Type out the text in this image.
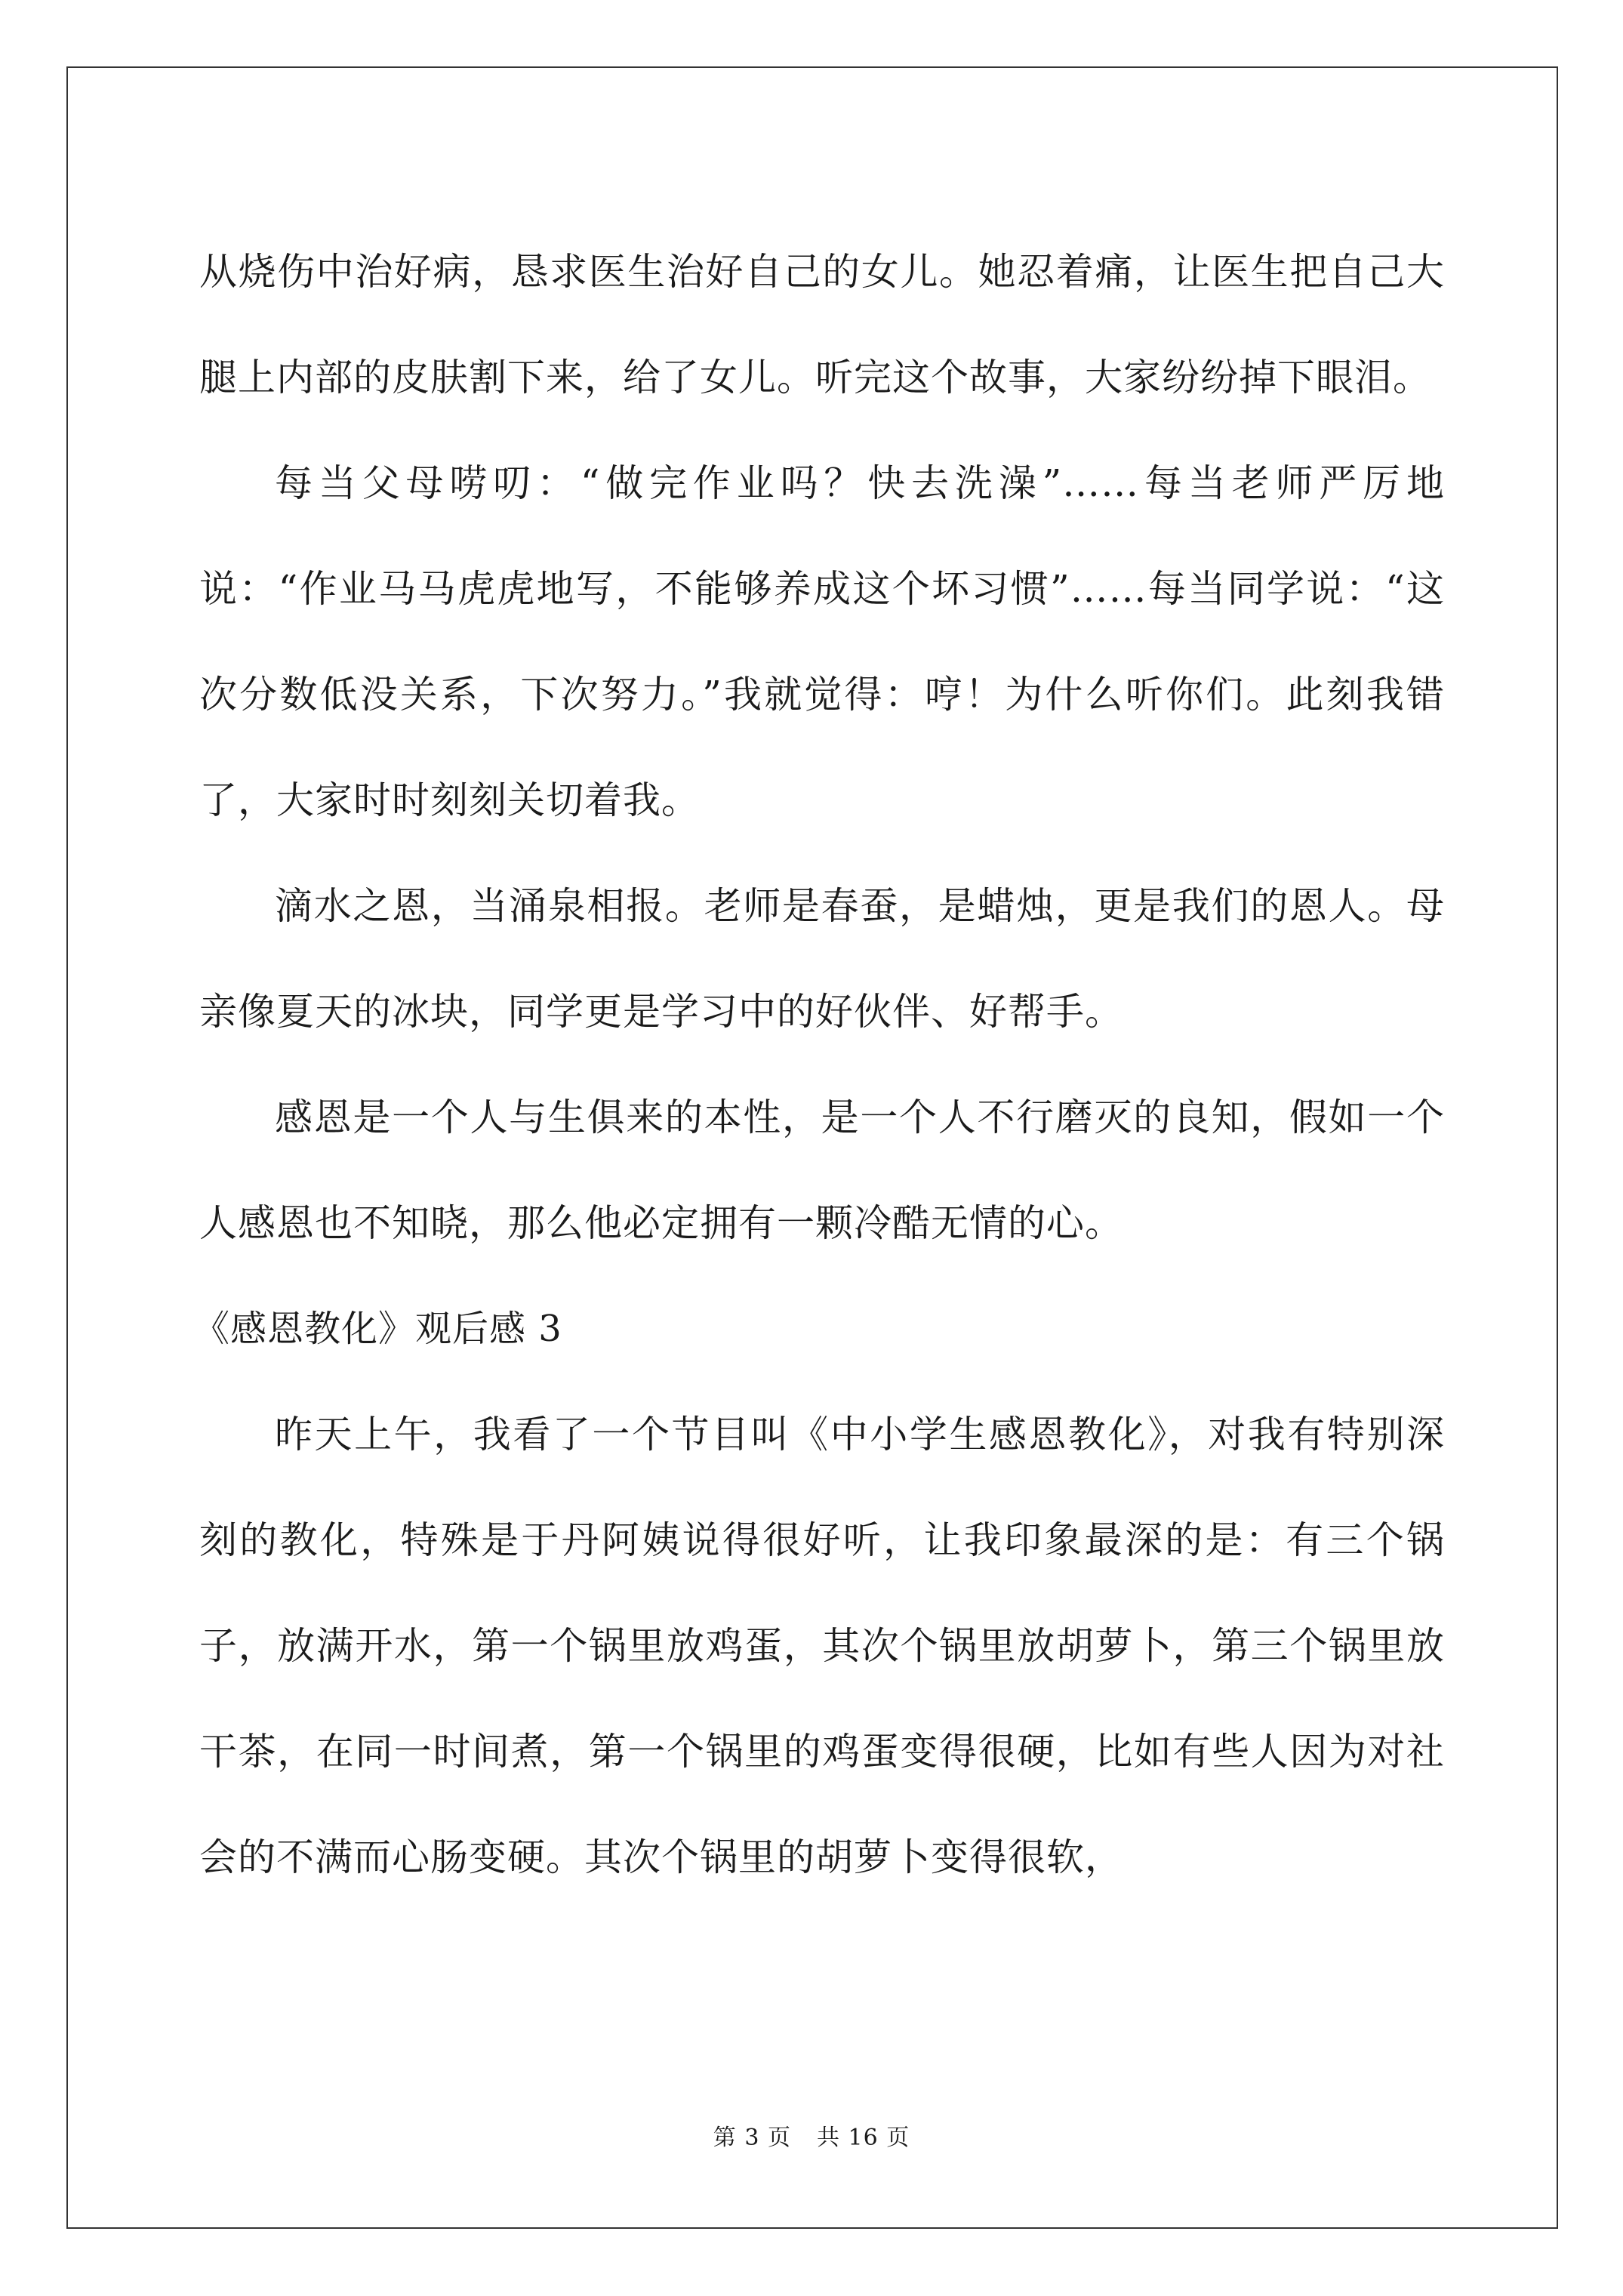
从烧伤中治好病，恳求医生治好自己的女儿。她忍着痛，让医生把自己大腿上内部的皮肤割下来，给了女儿。听完这个故事，大家纷纷掉下眼泪。

每当父母唠叨：“做完作业吗？快去洗澡”……每当老师严厉地说：“作业马马虎虎地写，不能够养成这个坏习惯”……每当同学说：“这次分数低没关系，下次努力。”我就觉得：哼！为什么听你们。此刻我错了，大家时时刻刻关切着我。

滴水之恩，当涌泉相报。老师是春蚕，是蜡烛，更是我们的恩人。母亲像夏天的冰块，同学更是学习中的好伙伴、好帮手。

感恩是一个人与生俱来的本性，是一个人不行磨灭的良知，假如一个人感恩也不知晓，那么他必定拥有一颗冷酷无情的心。

《感恩教化》观后感 3

昨天上午，我看了一个节目叫《中小学生感恩教化》，对我有特别深刻的教化，特殊是于丹阿姨说得很好听，让我印象最深的是：有三个锅子，放满开水，第一个锅里放鸡蛋，其次个锅里放胡萝卜，第三个锅里放干茶，在同一时间煮，第一个锅里的鸡蛋变得很硬，比如有些人因为对社会的不满而心肠变硬。其次个锅里的胡萝卜变得很软，

第 3 页 共 16 页
